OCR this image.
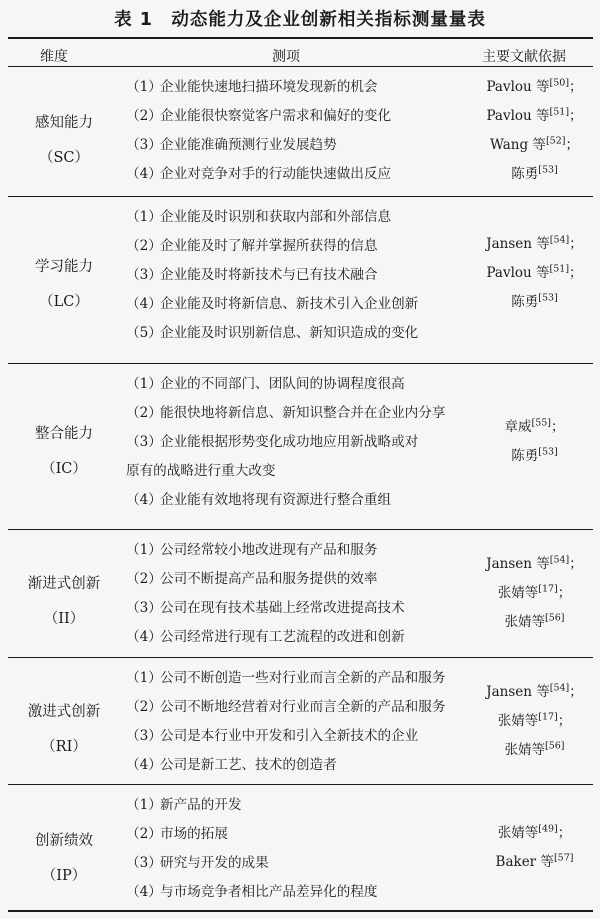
表 1　动态能力及企业创新相关指标测量量表
维度	测项	主要文献依据
感知能力
（SC）
（1）企业能快速地扫描环境发现新的机会
（2）企业能很快察觉客户需求和偏好的变化
（3）企业能准确预测行业发展趋势
（4）企业对竞争对手的行动能快速做出反应
Pavlou 等[50]；
Pavlou 等[51]；
Wang 等[52]；
陈勇[53]
学习能力
（LC）
（1）企业能及时识别和获取内部和外部信息
（2）企业能及时了解并掌握所获得的信息
（3）企业能及时将新技术与已有技术融合
（4）企业能及时将新信息、新技术引入企业创新
（5）企业能及时识别新信息、新知识造成的变化
Jansen 等[54]；
Pavlou 等[51]；
陈勇[53]
整合能力
（IC）
（1）企业的不同部门、团队间的协调程度很高
（2）能很快地将新信息、新知识整合并在企业内分享
（3）企业能根据形势变化成功地应用新战略或对
原有的战略进行重大改变
（4）企业能有效地将现有资源进行整合重组
章威[55]；
陈勇[53]
渐进式创新
（II）
（1）公司经常较小地改进现有产品和服务
（2）公司不断提高产品和服务提供的效率
（3）公司在现有技术基础上经常改进提高技术
（4）公司经常进行现有工艺流程的改进和创新
Jansen 等[54]；
张婧等[17]；
张婧等[56]
激进式创新
（RI）
（1）公司不断创造一些对行业而言全新的产品和服务
（2）公司不断地经营着对行业而言全新的产品和服务
（3）公司是本行业中开发和引入全新技术的企业
（4）公司是新工艺、技术的创造者
Jansen 等[54]；
张婧等[17]；
张婧等[56]
创新绩效
（IP）
（1）新产品的开发
（2）市场的拓展
（3）研究与开发的成果
（4）与市场竞争者相比产品差异化的程度
张婧等[49]；
Baker 等[57]
